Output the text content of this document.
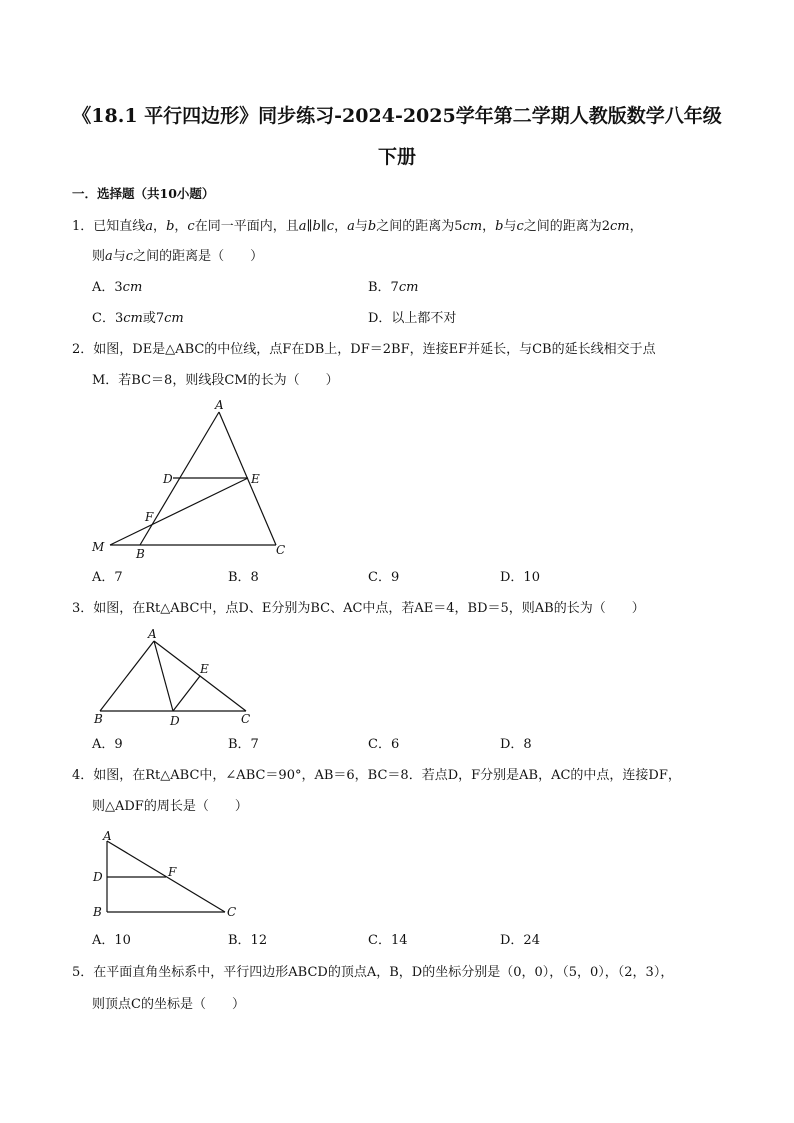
《18.1 平行四边形》同步练习-2024-2025学年第二学期人教版数学八年级
下册
一．选择题（共10小题）
1．已知直线a，b，c在同一平面内，且a∥b∥c，a与b之间的距离为5cm，b与c之间的距离为2cm，
则a与c之间的距离是（　　）
A．3cm	B．7cm
C．3cm或7cm	D．以上都不对
2．如图，DE是△ABC的中位线，点F在DB上，DF＝2BF，连接EF并延长，与CB的延长线相交于点
M．若BC＝8，则线段CM的长为（　　）
A
D	E
F
M	B	C
A．7	B．8	C．9	D．10
3．如图，在Rt△ABC中，点D、E分别为BC、AC中点，若AE＝4，BD＝5，则AB的长为（　　）
A
E
B	D	C
A．9	B．7	C．6	D．8
4．如图，在Rt△ABC中，∠ABC＝90°，AB＝6，BC＝8．若点D，F分别是AB，AC的中点，连接DF，
则△ADF的周长是（　　）
A
D	F
B	C
A．10	B．12	C．14	D．24
5．在平面直角坐标系中，平行四边形ABCD的顶点A，B，D的坐标分别是（0，0），（5，0），（2，3），
则顶点C的坐标是（　　）
